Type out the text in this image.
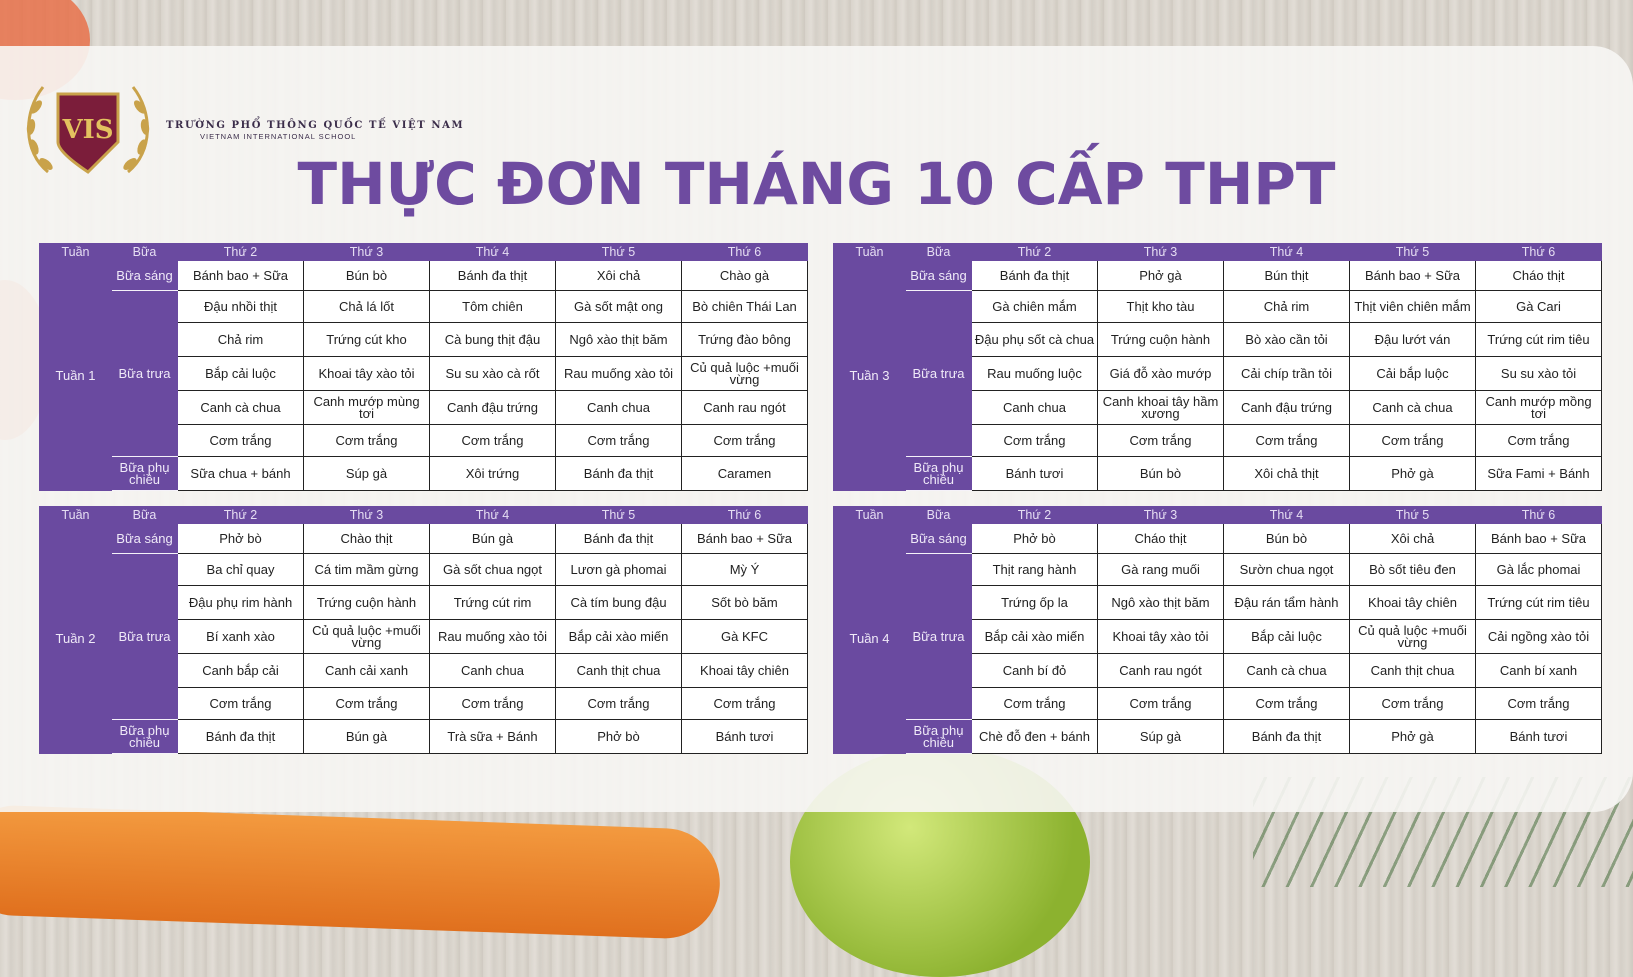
VIS	TRƯỜNG PHỔ THÔNG QUỐC TẾ VIỆT NAM
VIETNAM INTERNATIONAL SCHOOL
THỰC ĐƠN THÁNG 10 CẤP THPT
Tuần	Bữa	Thứ 2	Thứ 3	Thứ 4	Thứ 5	Thứ 6
Tuần 1	Bữa sáng	Bánh bao + Sữa	Bún bò	Bánh đa thịt	Xôi chả	Chào gà
	Bữa trưa	Đậu nhồi thịt	Chả lá lốt	Tôm chiên	Gà sốt mật ong	Bò chiên Thái Lan
		Chả rim	Trứng cút kho	Cà bung thịt đậu	Ngô xào thịt băm	Trứng đào bông
		Bắp cải luộc	Khoai tây xào tỏi	Su su xào cà rốt	Rau muống xào tỏi	Củ quả luộc +muối vừng
		Canh cà chua	Canh mướp mùng tơi	Canh đậu trứng	Canh chua	Canh rau ngót
		Cơm trắng	Cơm trắng	Cơm trắng	Cơm trắng	Cơm trắng
	Bữa phụ chiều	Sữa chua + bánh	Súp gà	Xôi trứng	Bánh đa thịt	Caramen
Tuần	Bữa	Thứ 2	Thứ 3	Thứ 4	Thứ 5	Thứ 6
Tuần 2	Bữa sáng	Phở bò	Chào thịt	Bún gà	Bánh đa thịt	Bánh bao + Sữa
	Bữa trưa	Ba chỉ quay	Cá tim mầm gừng	Gà sốt chua ngọt	Lươn gà phomai	Mỳ Ý
		Đậu phụ rim hành	Trứng cuộn hành	Trứng cút rim	Cà tím bung đậu	Sốt bò băm
		Bí xanh xào	Củ quả luộc +muối vừng	Rau muống xào tỏi	Bắp cải xào miến	Gà KFC
		Canh bắp cải	Canh cải xanh	Canh chua	Canh thịt chua	Khoai tây chiên
		Cơm trắng	Cơm trắng	Cơm trắng	Cơm trắng	Cơm trắng
	Bữa phụ chiều	Bánh đa thịt	Bún gà	Trà sữa + Bánh	Phở bò	Bánh tươi
Tuần	Bữa	Thứ 2	Thứ 3	Thứ 4	Thứ 5	Thứ 6
Tuần 3	Bữa sáng	Bánh đa thịt	Phở gà	Bún thịt	Bánh bao + Sữa	Cháo thịt
	Bữa trưa	Gà chiên mắm	Thịt kho tàu	Chả rim	Thịt viên chiên mắm	Gà Cari
		Đậu phụ sốt cà chua	Trứng cuộn hành	Bò xào cần tỏi	Đậu lướt ván	Trứng cút rim tiêu
		Rau muống luộc	Giá đỗ xào mướp	Cải chíp trần tỏi	Cải bắp luộc	Su su xào tỏi
		Canh chua	Canh khoai tây hầm xương	Canh đậu trứng	Canh cà chua	Canh mướp mồng tơi
		Cơm trắng	Cơm trắng	Cơm trắng	Cơm trắng	Cơm trắng
	Bữa phụ chiều	Bánh tươi	Bún bò	Xôi chả thịt	Phở gà	Sữa Fami + Bánh
Tuần	Bữa	Thứ 2	Thứ 3	Thứ 4	Thứ 5	Thứ 6
Tuần 4	Bữa sáng	Phở bò	Cháo thịt	Bún bò	Xôi chả	Bánh bao + Sữa
	Bữa trưa	Thịt rang hành	Gà rang muối	Sườn chua ngọt	Bò sốt tiêu đen	Gà lắc phomai
		Trứng ốp la	Ngô xào thịt băm	Đậu rán tẩm hành	Khoai tây chiên	Trứng cút rim tiêu
		Bắp cải xào miến	Khoai tây xào tỏi	Bắp cải luộc	Củ quả luộc +muối vừng	Cải ngồng xào tỏi
		Canh bí đỏ	Canh rau ngót	Canh cà chua	Canh thịt chua	Canh bí xanh
		Cơm trắng	Cơm trắng	Cơm trắng	Cơm trắng	Cơm trắng
	Bữa phụ chiều	Chè đỗ đen + bánh	Súp gà	Bánh đa thịt	Phở gà	Bánh tươi
